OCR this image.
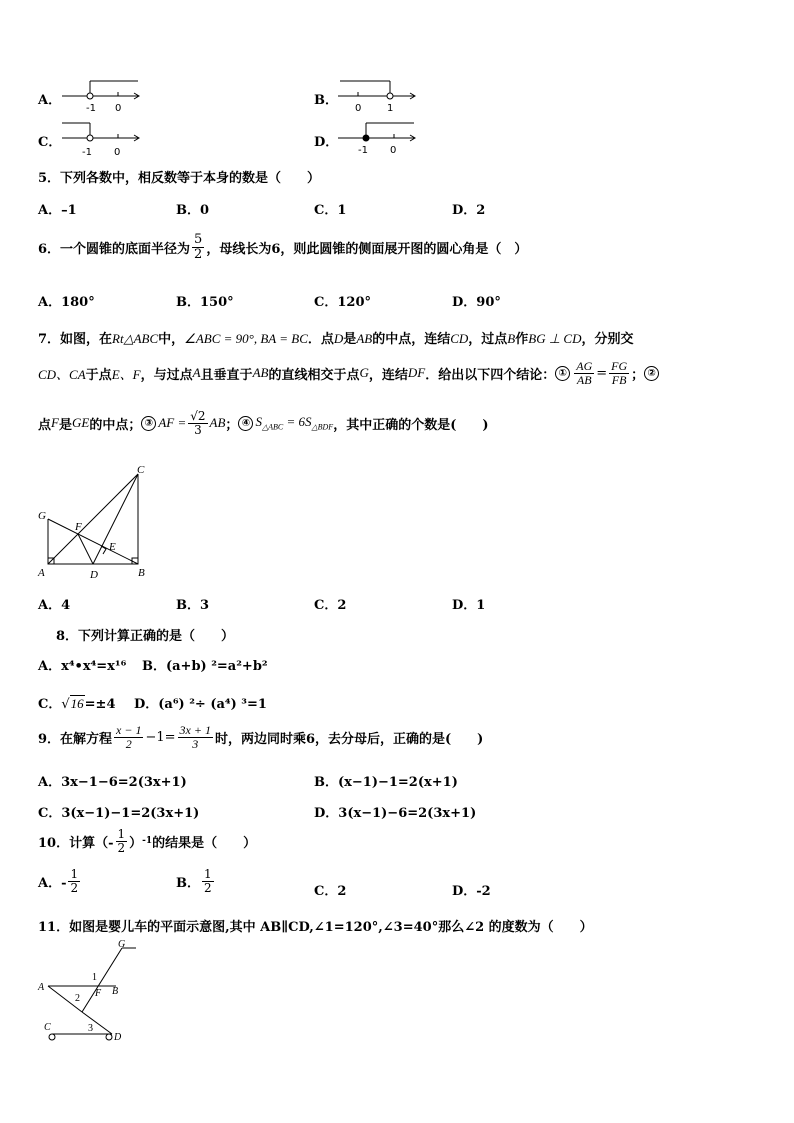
A．
-1 0
B．
0	1
C．
-1 0
D．
-1 0
5．下列各数中，相反数等于本身的数是（　　）
A．–1	B．0	C．1	D．2
6．一个圆锥的底面半径为 $\frac{5}{2}$ ，母线长为6，则此圆锥的侧面展开图的圆心角是（　）
A．180°	B．150°	C．120°	D．90°
7．如图，在Rt△ABC中，∠ABC = 90°, BA = BC．点D是AB的中点，连结CD，过点B作BG ⊥ CD，分别交
CD、CA 于点 E、F ，与过点 A 且垂直于 AB 的直线相交于点 G ，连结 DF ．给出以下四个结论： ① $\frac{AG}{AB} = \frac{FG}{FB}$ ； ②
点 F 是 GE 的中点； ③ AF = $\frac{√2}{3}$ AB ； ④ $S_{\triangle ABC} = 6S_{\triangle BDF}$ ，其中正确的个数是(　　)
G
F
E
A	D	B
C
A．4	B．3	C．2	D．1
8．下列计算正确的是（　　）
A．x⁴•x⁴=x¹⁶ B．(a+b) ²=a²+b²
C．√16=±4 D．(a⁶) ²÷ (a⁴) ³=1
9．在解方程 $\frac{x - 1}{2} -1= \frac{3x + 1}{3}$ 时，两边同时乘6，去分母后，正确的是(　　)
A．3x−1−6=2(3x+1)	B．(x−1)−1=2(x+1)
C．3(x−1)−1=2(3x+1)	D．3(x−1)−6=2(3x+1)
10．计算（- $\frac{1}{2}$ ） -1 的结果是（　　）
A．- $\frac{1}{2}$	B． $\frac{1}{2}$	C．2	D．-2
11．如图是婴儿车的平面示意图,其中 AB∥CD,∠1=120°,∠3=40°那么∠2 的度数为（　　）
G
1
A	B
F
2
C	3
D
